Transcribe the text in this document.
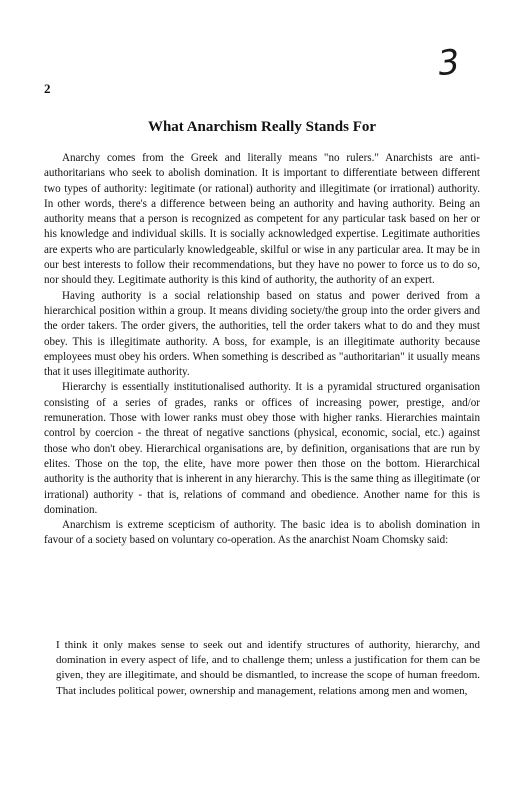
3
2
What Anarchism Really Stands For

Anarchy comes from the Greek and literally means "no rulers." Anarchists are anti-authoritarians who seek to abolish domination. It is important to differentiate between different two types of authority: legitimate (or rational) authority and illegitimate (or irrational) authority. In other words, there's a difference between being an authority and having authority. Being an authority means that a person is recognized as competent for any particular task based on her or his knowledge and individual skills. It is socially acknowledged expertise. Legitimate authorities are experts who are particularly knowledgeable, skilful or wise in any particular area. It may be in our best interests to follow their recommendations, but they have no power to force us to do so, nor should they. Legitimate authority is this kind of authority, the authority of an expert.

Having authority is a social relationship based on status and power derived from a hierarchical position within a group. It means dividing society/the group into the order givers and the order takers. The order givers, the authorities, tell the order takers what to do and they must obey. This is illegitimate authority. A boss, for example, is an illegitimate authority because employees must obey his orders. When something is described as "authoritarian" it usually means that it uses illegitimate authority.

Hierarchy is essentially institutionalised authority. It is a pyramidal structured organisation consisting of a series of grades, ranks or offices of increasing power, prestige, and/or remuneration. Those with lower ranks must obey those with higher ranks. Hierarchies maintain control by coercion - the threat of negative sanctions (physical, economic, social, etc.) against those who don't obey. Hierarchical organisations are, by definition, organisations that are run by elites. Those on the top, the elite, have more power then those on the bottom. Hierarchical authority is the authority that is inherent in any hierarchy. This is the same thing as illegitimate (or irrational) authority - that is, relations of command and obedience. Another name for this is domination.

Anarchism is extreme scepticism of authority. The basic idea is to abolish domination in favour of a society based on voluntary co-operation. As the anarchist Noam Chomsky said:

I think it only makes sense to seek out and identify structures of authority, hierarchy, and domination in every aspect of life, and to challenge them; unless a justification for them can be given, they are illegitimate, and should be dismantled, to increase the scope of human freedom. That includes political power, ownership and management, relations among men and women,
